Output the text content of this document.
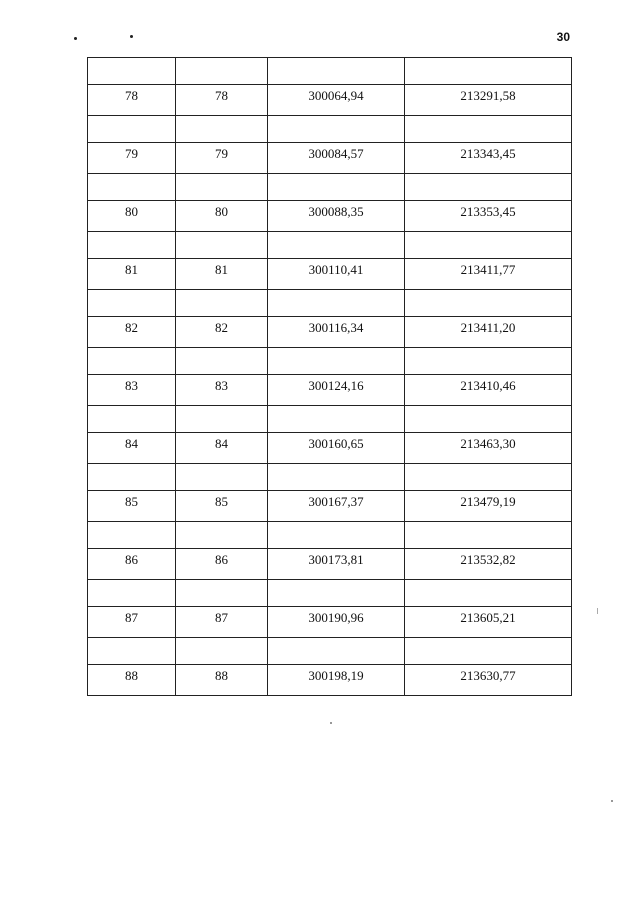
30

78	78	300064,94	213291,58

79	79	300084,57	213343,45

80	80	300088,35	213353,45

81	81	300110,41	213411,77

82	82	300116,34	213411,20

83	83	300124,16	213410,46

84	84	300160,65	213463,30

85	85	300167,37	213479,19

86	86	300173,81	213532,82

87	87	300190,96	213605,21

88	88	300198,19	213630,77
